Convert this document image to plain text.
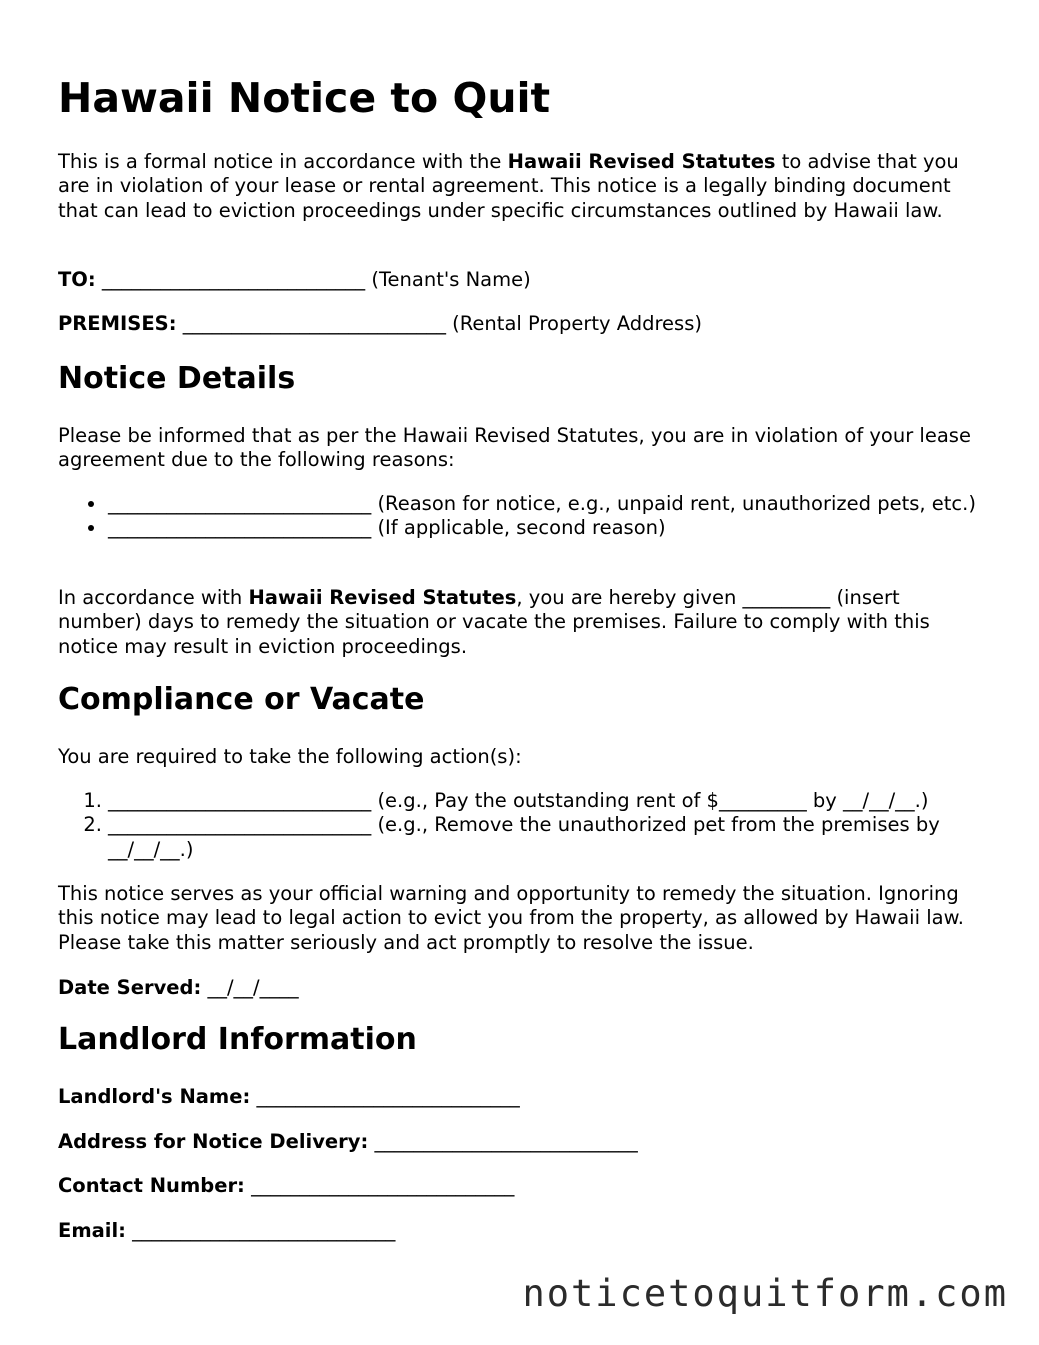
Hawaii Notice to Quit

This is a formal notice in accordance with the Hawaii Revised Statutes to advise that you are in violation of your lease or rental agreement. This notice is a legally binding document that can lead to eviction proceedings under specific circumstances outlined by Hawaii law.

TO: ___________________________ (Tenant's Name)
PREMISES: ___________________________ (Rental Property Address)
Notice Details

Please be informed that as per the Hawaii Revised Statutes, you are in violation of your lease agreement due to the following reasons:

___________________________ (Reason for notice, e.g., unpaid rent, unauthorized pets, etc.)
___________________________ (If applicable, second reason)

In accordance with Hawaii Revised Statutes, you are hereby given _________ (insert number) days to remedy the situation or vacate the premises. Failure to comply with this notice may result in eviction proceedings.

Compliance or Vacate

You are required to take the following action(s):

1. ___________________________ (e.g., Pay the outstanding rent of $_________ by __/__/__.)
2. ___________________________ (e.g., Remove the unauthorized pet from the premises by __/__/__.)

This notice serves as your official warning and opportunity to remedy the situation. Ignoring this notice may lead to legal action to evict you from the property, as allowed by Hawaii law. Please take this matter seriously and act promptly to resolve the issue.

Date Served: __/__/____
Landlord Information
Landlord's Name: ___________________________
Address for Notice Delivery: ___________________________
Contact Number: ___________________________
Email: ___________________________
noticetoquitform.com
